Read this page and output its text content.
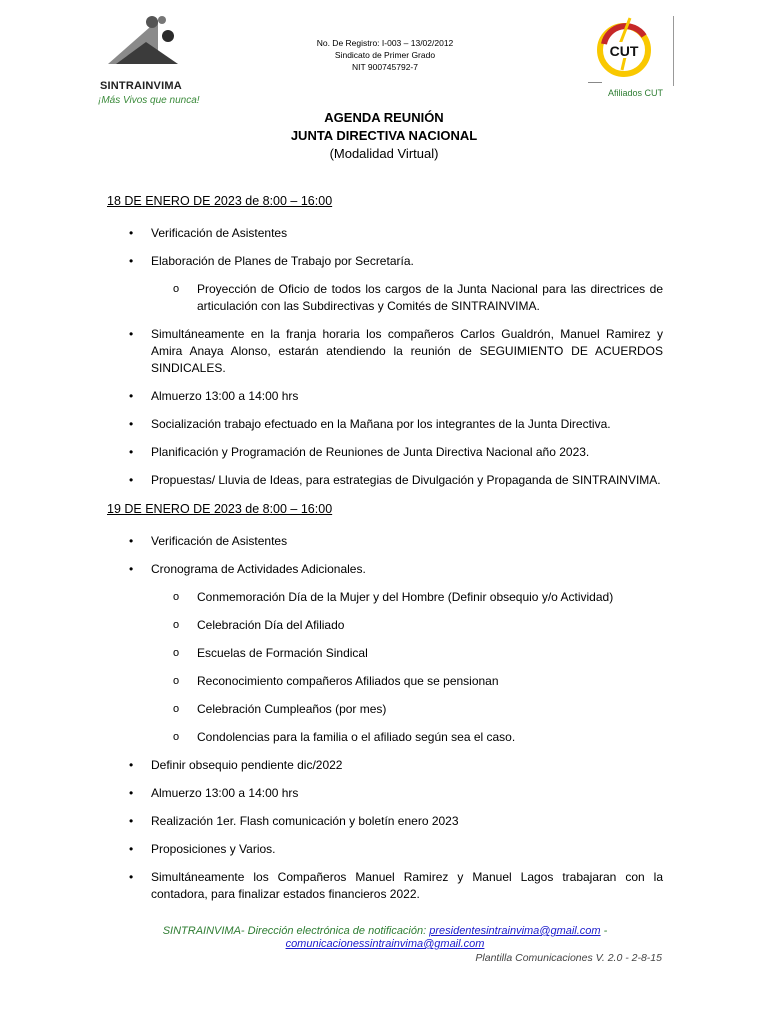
SINTRAINVIMA
¡Más Vivos que nunca!
No. De Registro: I-003 – 13/02/2012
Sindicato de Primer Grado
NIT 900745792-7
CUT
Afiliados CUT
AGENDA REUNIÓN
JUNTA DIRECTIVA NACIONAL
(Modalidad Virtual)
18 DE ENERO DE 2023 de 8:00 – 16:00
• Verificación de Asistentes
• Elaboración de Planes de Trabajo por Secretaría.
o Proyección de Oficio de todos los cargos de la Junta Nacional para las directrices de articulación con las Subdirectivas y Comités de SINTRAINVIMA.
• Simultáneamente en la franja horaria los compañeros Carlos Gualdrón, Manuel Ramirez y Amira Anaya Alonso, estarán atendiendo la reunión de SEGUIMIENTO DE ACUERDOS SINDICALES.
• Almuerzo 13:00 a 14:00 hrs
• Socialización trabajo efectuado en la Mañana por los integrantes de la Junta Directiva.
• Planificación y Programación de Reuniones de Junta Directiva Nacional año 2023.
• Propuestas/ Lluvia de Ideas, para estrategias de Divulgación y Propaganda de SINTRAINVIMA.
19 DE ENERO DE 2023 de 8:00 – 16:00
• Verificación de Asistentes
• Cronograma de Actividades Adicionales.
o Conmemoración Día de la Mujer y del Hombre (Definir obsequio y/o Actividad)
o Celebración Día del Afiliado
o Escuelas de Formación Sindical
o Reconocimiento compañeros Afiliados que se pensionan
o Celebración Cumpleaños (por mes)
o Condolencias para la familia o el afiliado según sea el caso.
• Definir obsequio pendiente dic/2022
• Almuerzo 13:00 a 14:00 hrs
• Realización 1er. Flash comunicación y boletín enero 2023
• Proposiciones y Varios.
• Simultáneamente los Compañeros Manuel Ramirez y Manuel Lagos trabajaran con la contadora, para finalizar estados financieros 2022.
SINTRAINVIMA- Dirección electrónica de notificación: presidentesintrainvima@gmail.com -
comunicacionessintrainvima@gmail.com
Plantilla Comunicaciones V. 2.0 - 2-8-15
